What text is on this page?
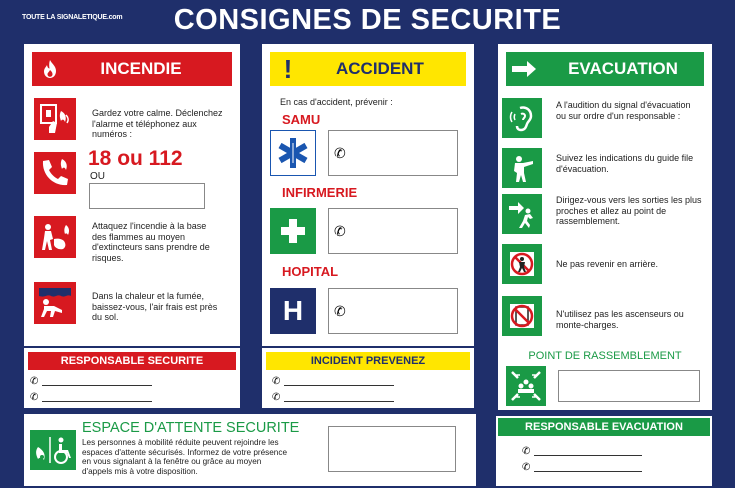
TOUTE LA SIGNALETIQUE.com	CONSIGNES DE SECURITE
INCENDIE
Gardez votre calme. Déclenchez l'alarme et téléphonez aux numéros :
18 ou 112
OU
Attaquez l'incendie à la base des flammes au moyen d'extincteurs sans prendre de risques.
Dans la chaleur et la fumée, baissez-vous, l'air frais est près du sol.
RESPONSABLE SECURITE
✆
✆
!	ACCIDENT
En cas d'accident, prévenir :
SAMU
✆
INFIRMERIE
✆
HOPITAL
H ✆
INCIDENT PREVENEZ
✆
✆
EVACUATION
A l'audition du signal d'évacuation ou sur ordre d'un responsable :
Suivez les indications du guide file d'évacuation.
Dirigez-vous vers les sorties les plus proches et allez au point de rassemblement.
Ne pas revenir en arrière.
N'utilisez pas les ascenseurs ou monte-charges.
POINT DE RASSEMBLEMENT
ESPACE D'ATTENTE SECURITE
Les personnes à mobilité réduite peuvent rejoindre les espaces d'attente sécurisés. Informez de votre présence en vous signalant à la fenêtre ou grâce au moyen d'appels mis à votre disposition.
RESPONSABLE EVACUATION
✆
✆
